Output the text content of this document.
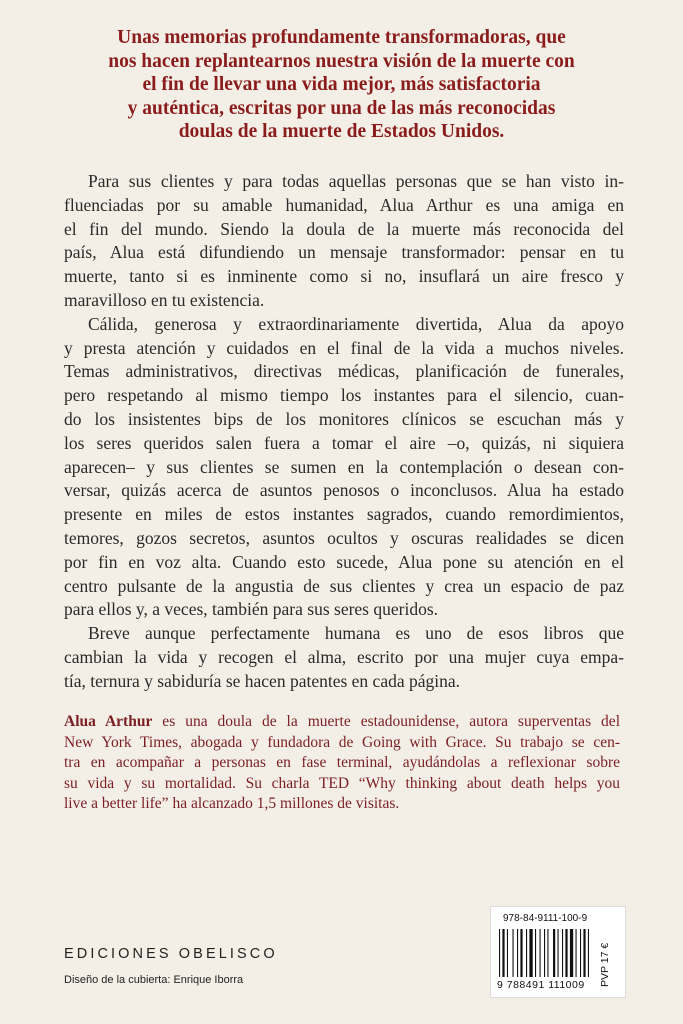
Unas memorias profundamente transformadoras, que
nos hacen replantearnos nuestra visión de la muerte con
el fin de llevar una vida mejor, más satisfactoria
y auténtica, escritas por una de las más reconocidas
doulas de la muerte de Estados Unidos.
Para sus clientes y para todas aquellas personas que se han visto in-
fluenciadas por su amable humanidad, Alua Arthur es una amiga en
el fin del mundo. Siendo la doula de la muerte más reconocida del
país, Alua está difundiendo un mensaje transformador: pensar en tu
muerte, tanto si es inminente como si no, insuflará un aire fresco y
maravilloso en tu existencia.
Cálida, generosa y extraordinariamente divertida, Alua da apoyo
y presta atención y cuidados en el final de la vida a muchos niveles.
Temas administrativos, directivas médicas, planificación de funerales,
pero respetando al mismo tiempo los instantes para el silencio, cuan-
do los insistentes bips de los monitores clínicos se escuchan más y
los seres queridos salen fuera a tomar el aire –o, quizás, ni siquiera
aparecen– y sus clientes se sumen en la contemplación o desean con-
versar, quizás acerca de asuntos penosos o inconclusos. Alua ha estado
presente en miles de estos instantes sagrados, cuando remordimientos,
temores, gozos secretos, asuntos ocultos y oscuras realidades se dicen
por fin en voz alta. Cuando esto sucede, Alua pone su atención en el
centro pulsante de la angustia de sus clientes y crea un espacio de paz
para ellos y, a veces, también para sus seres queridos.
Breve aunque perfectamente humana es uno de esos libros que
cambian la vida y recogen el alma, escrito por una mujer cuya empa-
tía, ternura y sabiduría se hacen patentes en cada página.
Alua Arthur es una doula de la muerte estadounidense, autora superventas del
New York Times, abogada y fundadora de Going with Grace. Su trabajo se cen-
tra en acompañar a personas en fase terminal, ayudándolas a reflexionar sobre
su vida y su mortalidad. Su charla TED “Why thinking about death helps you
live a better life” ha alcanzado 1,5 millones de visitas.
EDICIONES OBELISCO
Diseño de la cubierta: Enrique Iborra
978-84-9111-100-9
9 788491 111009 PVP 17 €
